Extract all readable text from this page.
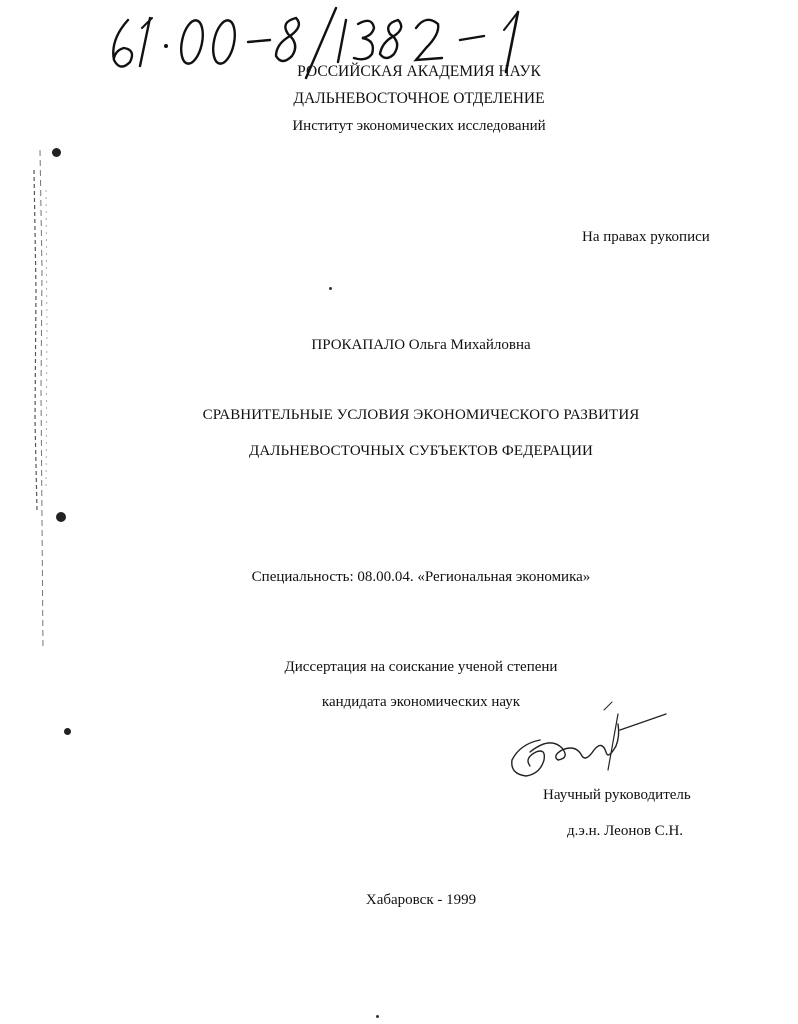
РОССИЙСКАЯ АКАДЕМИЯ НАУК
ДАЛЬНЕВОСТОЧНОЕ ОТДЕЛЕНИЕ
Институт экономических исследований
На правах рукописи
ПРОКАПАЛО Ольга Михайловна
СРАВНИТЕЛЬНЫЕ УСЛОВИЯ ЭКОНОМИЧЕСКОГО РАЗВИТИЯ
ДАЛЬНЕВОСТОЧНЫХ СУБЪЕКТОВ ФЕДЕРАЦИИ
Специальность: 08.00.04. «Региональная экономика»
Диссертация на соискание ученой степени
кандидата экономических наук
Научный руководитель
д.э.н. Леонов С.Н.
Хабаровск - 1999
